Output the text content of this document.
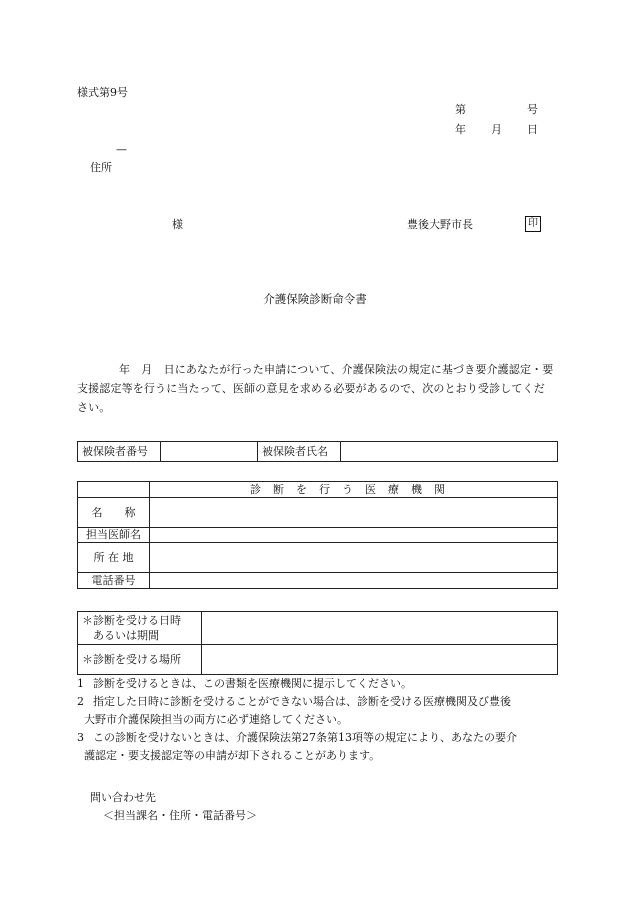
様式第9号
第	号
年 月 日
—
住所
様	豊後大野市長	印
介護保険診断命令書
年　月　日にあなたが行った申請について、介護保険法の規定に基づき要介護認定・要支援認定等を行うに当たって、医師の意見を求める必要があるので、次のとおり受診してください。
被保険者番号		被保険者氏名	
	診断を行う医療機関
名　　称	
担当医師名	
所 在 地	
電話番号	
＊診断を受ける日時
あるいは期間	

＊診断を受ける場所	

1 診断を受けるときは、この書類を医療機関に提示してください。

2 指定した日時に診断を受けることができない場合は、診断を受ける医療機関及び豊後
大野市介護保険担当の両方に必ず連絡してください。

3 この診断を受けないときは、介護保険法第27条第13項等の規定により、あなたの要介
護認定・要支援認定等の申請が却下されることがあります。

問い合わせ先
＜担当課名・住所・電話番号＞
